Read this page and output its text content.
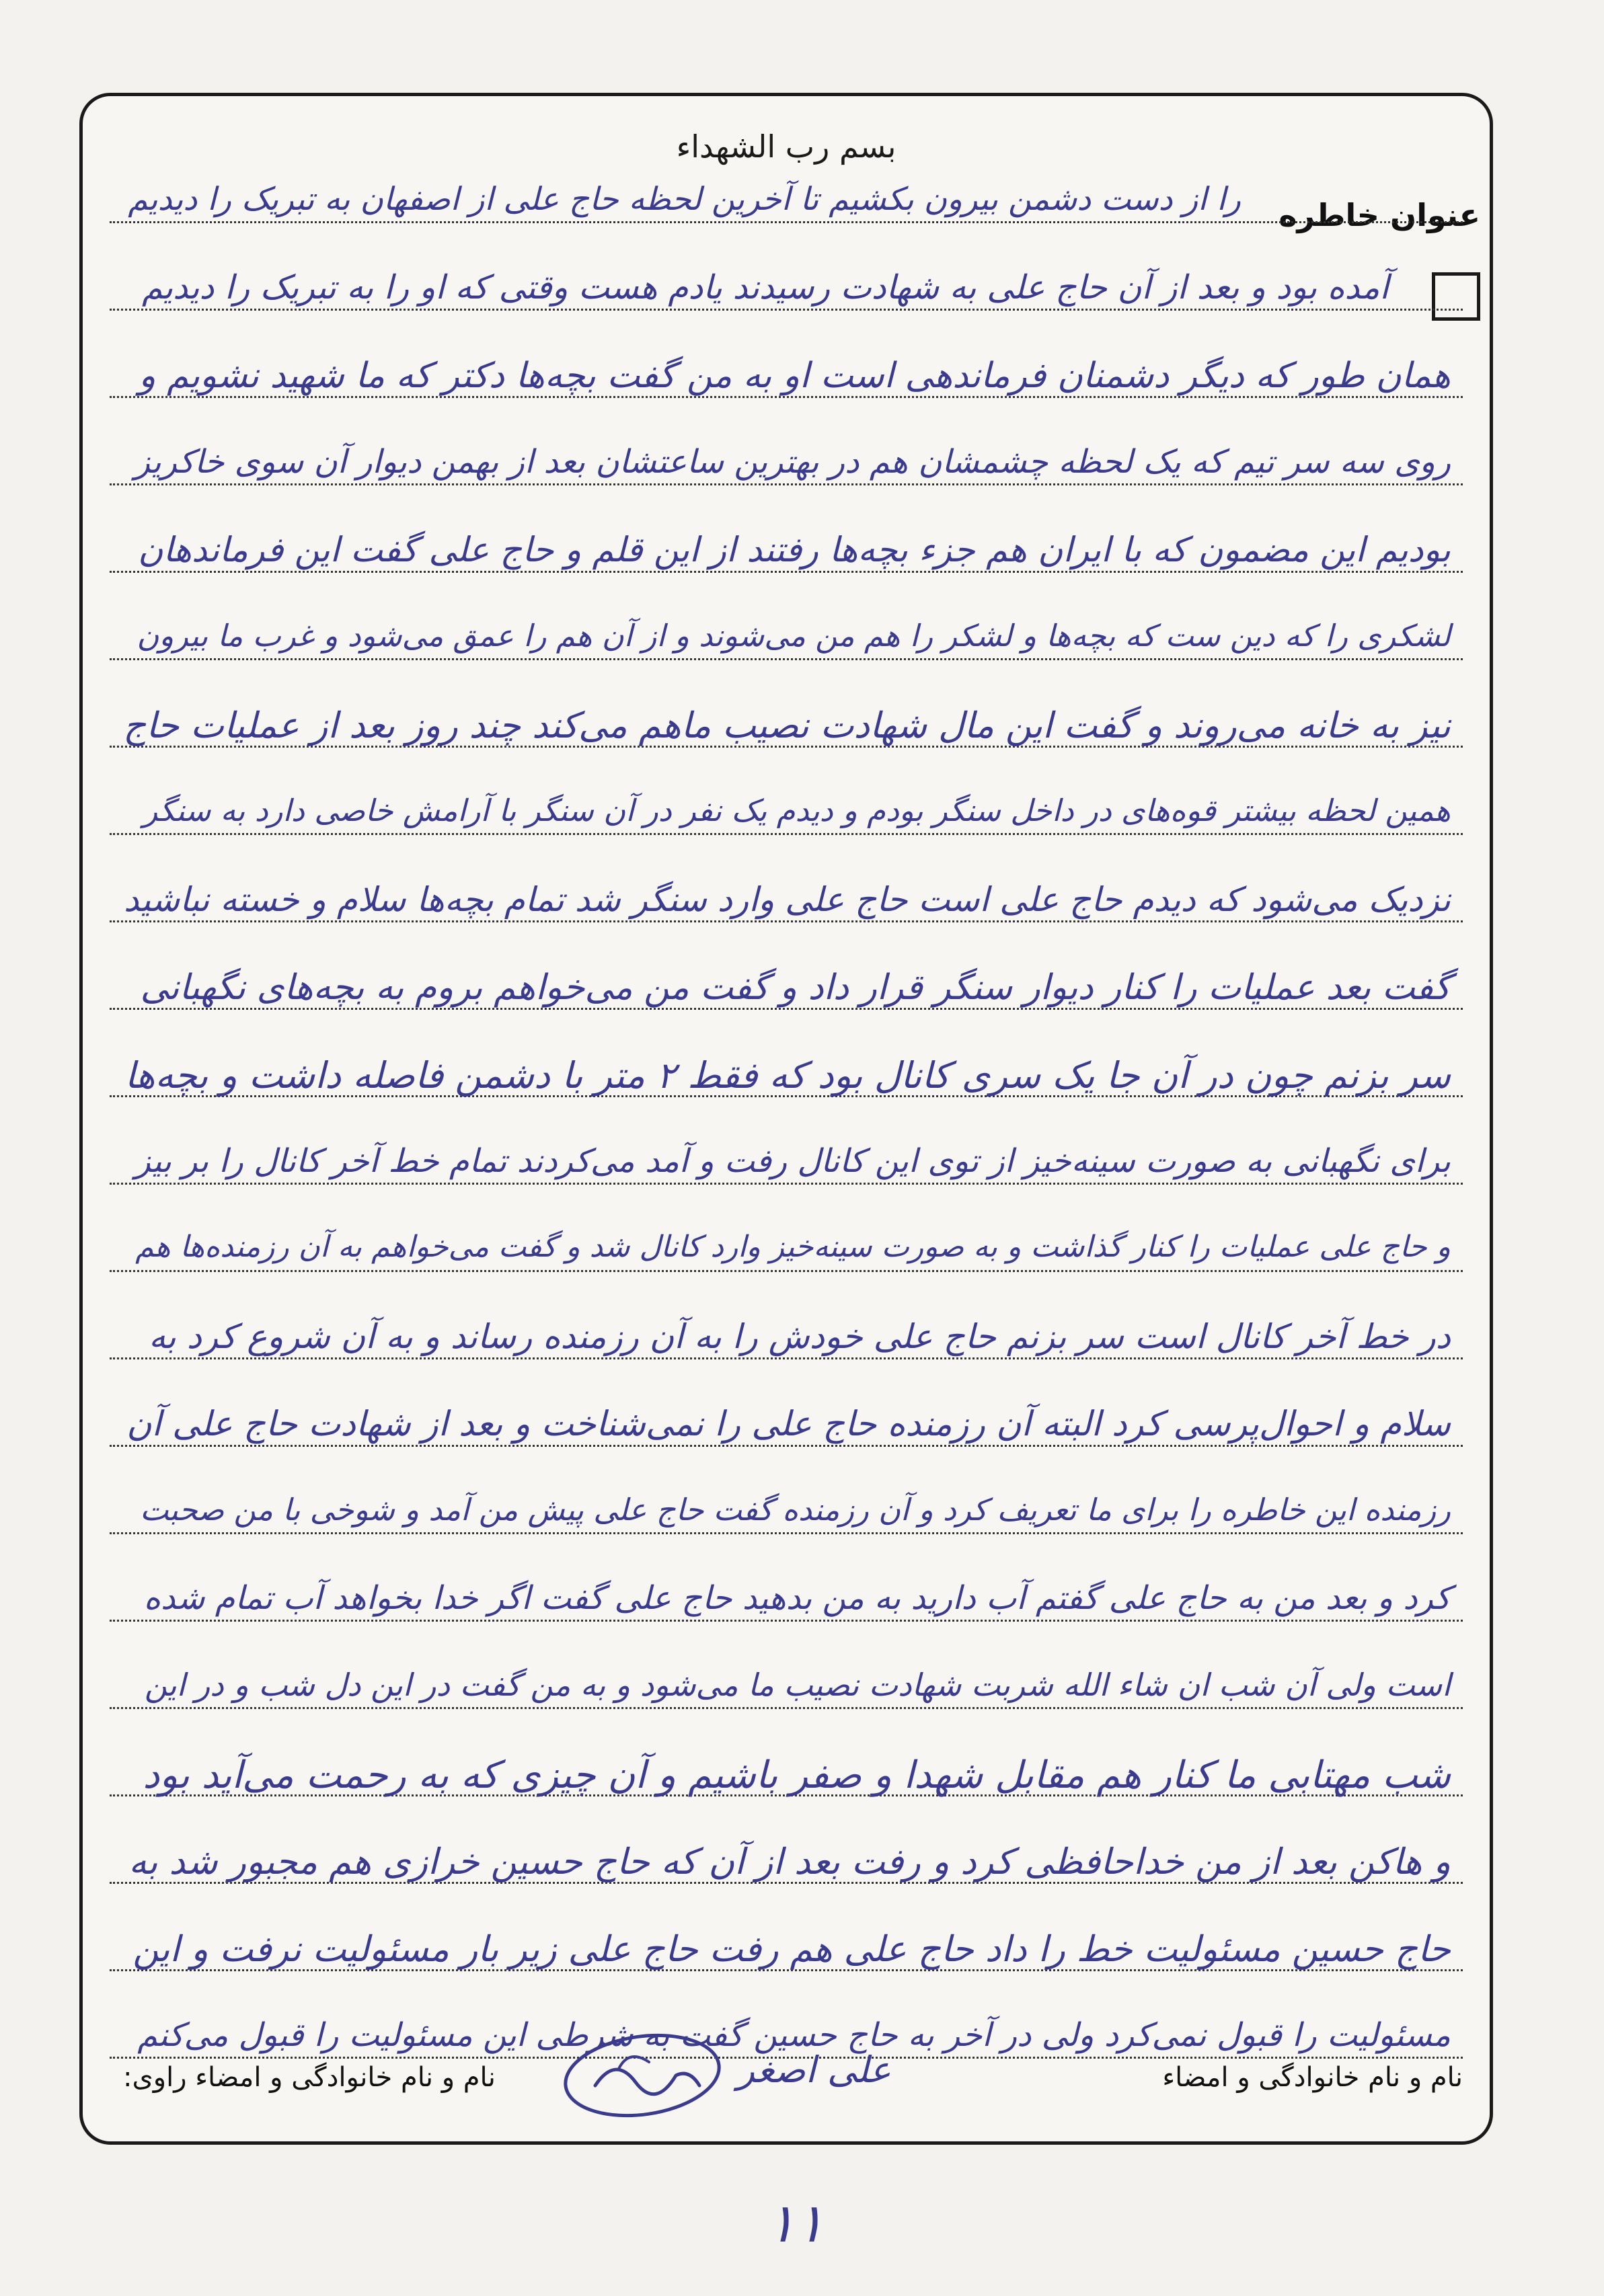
بسم رب الشهداء
عنوان خاطره
را از دست دشمن بیرون بکشیم تا آخرین لحظه حاج علی از اصفهان به تبریک را دیدیم
آمده بود و بعد از آن حاج علی به شهادت رسیدند یادم هست وقتی که او را به تبریک را دیدیم
همان طور که دیگر دشمنان فرماندهی است او به من گفت بچه‌ها دکتر که ما شهید نشویم و
روی سه سر تیم که یک لحظه چشمشان هم در بهترین ساعتشان بعد از بهمن دیوار آن سوی خاکریز
بودیم این مضمون که با ایران هم جزء بچه‌ها رفتند از این قلم و حاج علی گفت این فرماندهان
لشکری را که دین ست که بچه‌ها و لشکر را هم من می‌شوند و از آن هم را عمق می‌شود و غرب ما بیرون
نیز به خانه می‌روند و گفت این مال شهادت نصیب ماهم می‌کند چند روز بعد از عملیات حاج
همین لحظه بیشتر قوه‌های در داخل سنگر بودم و دیدم یک نفر در آن سنگر با آرامش خاصی دارد به سنگر
نزدیک می‌شود که دیدم حاج علی است حاج علی وارد سنگر شد تمام بچه‌ها سلام و خسته نباشید
گفت بعد عملیات را کنار دیوار سنگر قرار داد و گفت من می‌خواهم بروم به بچه‌های نگهبانی
سر بزنم چون در آن جا یک سری کانال بود که فقط ۲ متر با دشمن فاصله داشت و بچه‌ها
برای نگهبانی به صورت سینه‌خیز از توی این کانال رفت و آمد می‌کردند تمام خط آخر کانال را بر بیز
و حاج علی عملیات را کنار گذاشت و به صورت سینه‌خیز وارد کانال شد و گفت می‌خواهم به آن رزمنده‌ها هم
در خط آخر کانال است سر بزنم حاج علی خودش را به آن رزمنده رساند و به آن شروع کرد به
سلام و احوال‌پرسی کرد البته آن رزمنده حاج علی را نمی‌شناخت و بعد از شهادت حاج علی آن
رزمنده این خاطره را برای ما تعریف کرد و آن رزمنده گفت حاج علی پیش من آمد و شوخی با من صحبت
کرد و بعد من به حاج علی گفتم آب دارید به من بدهید حاج علی گفت اگر خدا بخواهد آب تمام شده
است ولی آن شب ان شاء الله شربت شهادت نصیب ما می‌شود و به من گفت در این دل شب و در این
شب مهتابی ما کنار هم مقابل شهدا و صفر باشیم و آن چیزی که به رحمت می‌آید بود
و هاکن بعد از من خداحافظی کرد و رفت بعد از آن که حاج حسین خرازی هم مجبور شد به
حاج حسین مسئولیت خط را داد حاج علی هم رفت حاج علی زیر بار مسئولیت نرفت و این
مسئولیت را قبول نمی‌کرد ولی در آخر به حاج حسین گفت به شرطی این مسئولیت را قبول می‌کنم
نام و نام خانوادگی و امضاء
علی اصغر
نام و نام خانوادگی و امضاء راوی:
۱۱
